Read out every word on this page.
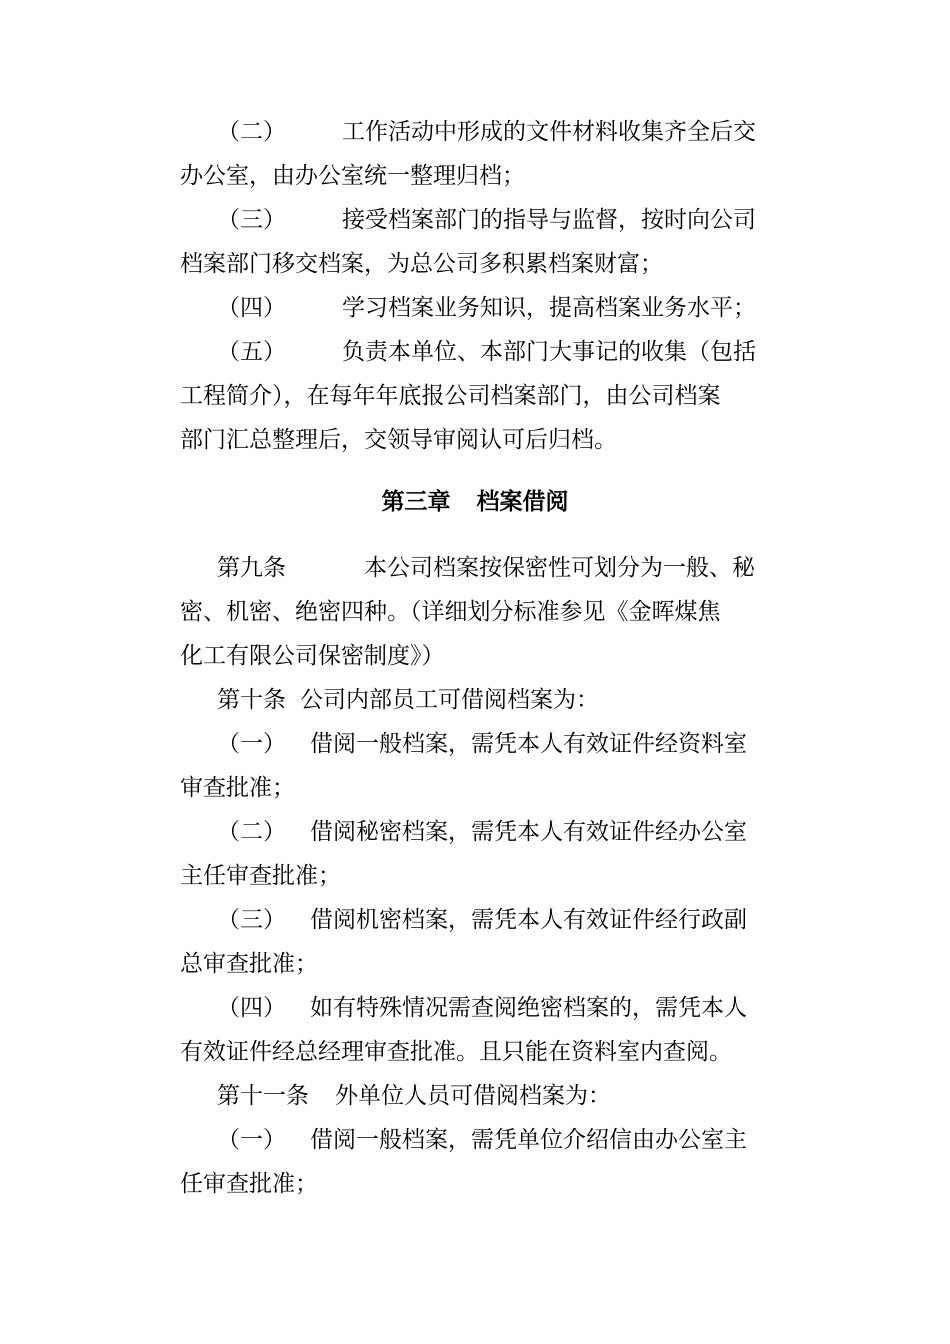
（二） 工作活动中形成的文件材料收集齐全后交
办公室，由办公室统一整理归档；
（三） 接受档案部门的指导与监督，按时向公司
档案部门移交档案，为总公司多积累档案财富；
（四） 学习档案业务知识，提高档案业务水平；
（五） 负责本单位、本部门大事记的收集（包括
工程简介），在每年年底报公司档案部门，由公司档案
部门汇总整理后，交领导审阅认可后归档。
第三章 档案借阅
第九条	本公司档案按保密性可划分为一般、秘
密、机密、绝密四种。（详细划分标准参见《金晖煤焦
化工有限公司保密制度》）
第十条 公司内部员工可借阅档案为：
（一） 借阅一般档案，需凭本人有效证件经资料室
审查批准；
（二） 借阅秘密档案，需凭本人有效证件经办公室
主任审查批准；
（三） 借阅机密档案，需凭本人有效证件经行政副
总审查批准；
（四） 如有特殊情况需查阅绝密档案的，需凭本人
有效证件经总经理审查批准。且只能在资料室内查阅。
第十一条 外单位人员可借阅档案为：
（一） 借阅一般档案，需凭单位介绍信由办公室主
任审查批准；
